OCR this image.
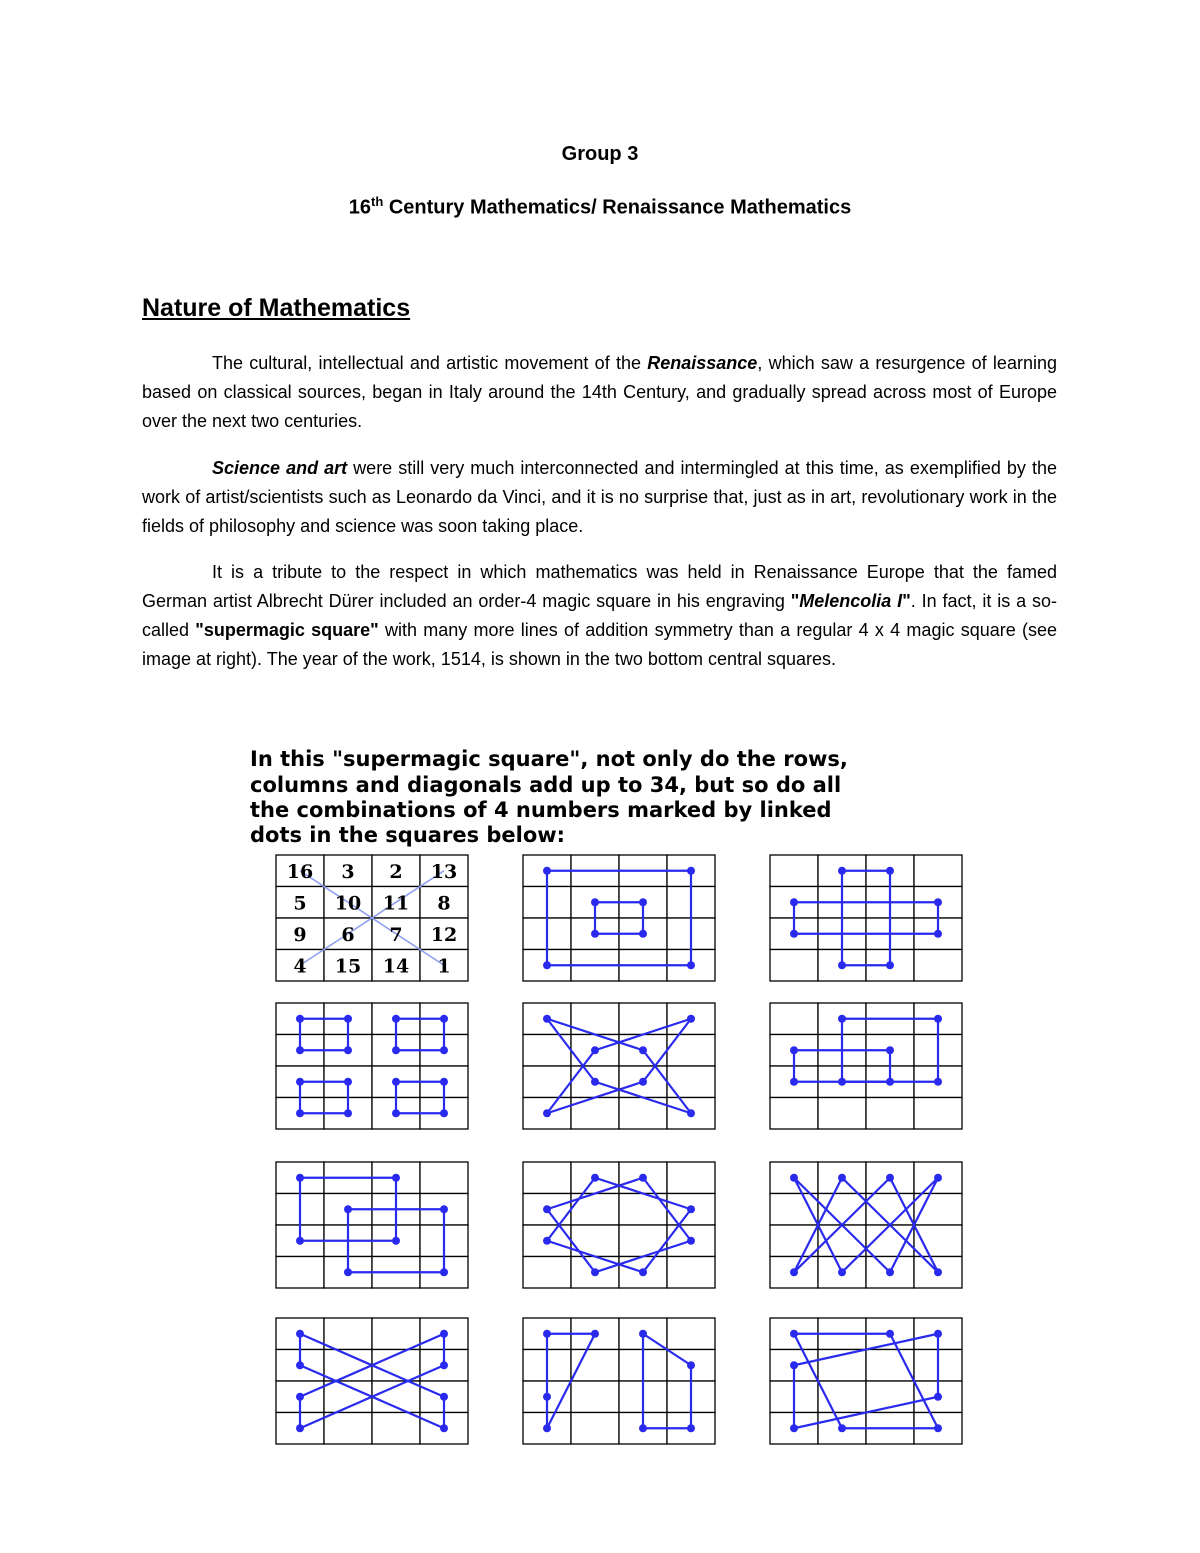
Group 3
16th Century Mathematics/ Renaissance Mathematics
Nature of Mathematics

The cultural, intellectual and artistic movement of the Renaissance, which saw a resurgence of learning based on classical sources, began in Italy around the 14th Century, and gradually spread across most of Europe over the next two centuries.

Science and art were still very much interconnected and intermingled at this time, as exemplified by the work of artist/scientists such as Leonardo da Vinci, and it is no surprise that, just as in art, revolutionary work in the fields of philosophy and science was soon taking place.

It is a tribute to the respect in which mathematics was held in Renaissance Europe that the famed German artist Albrecht Dürer included an order-4 magic square in his engraving "Melencolia I". In fact, it is a so-called "supermagic square" with many more lines of addition symmetry than a regular 4 x 4 magic square (see image at right). The year of the work, 1514, is shown in the two bottom central squares.

In this "supermagic square", not only do the rows,
columns and diagonals add up to 34, but so do all
the combinations of 4 numbers marked by linked
dots in the squares below:
16 3 2 13
5 10 11 8
9 6 7 12
4 15 14 1
